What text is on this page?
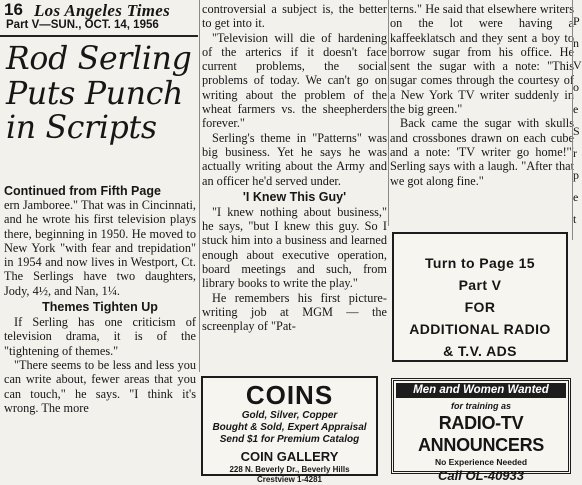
16 Los Angeles Times
Part V—SUN., OCT. 14, 1956
Rod Serling
Puts Punch
in Scripts
Continued from Fifth Page

ern Jamboree." That was in Cincinnati, and he wrote his first television plays there, beginning in 1950. He moved to New York "with fear and trepidation" in 1954 and now lives in Westport, Ct. The Serlings have two daughters, Jody, 4½, and Nan, 1¼.

Themes Tighten Up

If Serling has one criticism of television drama, it is of the "tightening of themes."

"There seems to be less and less you can write about, fewer areas that you can touch," he says. "I think it's wrong. The more

controversial a subject is, the better to get into it.

"Television will die of hardening of the arterics if it doesn't face current problems, the social problems of today. We can't go on writing about the problem of the wheat farmers vs. the sheepherders forever."

Serling's theme in "Patterns" was big business. Yet he says he was actually writing about the Army and an officer he'd served under.

'I Knew This Guy'

"I knew nothing about business," he says, "but I knew this guy. So I stuck him into a business and learned enough about executive operation, board meetings and such, from library books to write the play."

He remembers his first picture-writing job at MGM — the screenplay of "Pat-

terns." He said that elsewhere writers on the lot were having a kaffeeklatsch and they sent a boy to borrow sugar from his office. He sent the sugar with a note: "This sugar comes through the courtesy of a New York TV writer suddenly in the big green."

Back came the sugar with skulls and crossbones drawn on each cube and a note: 'TV writer go home!'" Serling says with a laugh. "After that we got along fine."

P
n
V
o
e
S
r
p
e
t
Turn to Page 15
Part V
FOR
ADDITIONAL RADIO
& T.V. ADS
COINS
Gold, Silver, Copper
Bought & Sold, Expert Appraisal
Send $1 for Premium Catalog
COIN GALLERY
228 N. Beverly Dr., Beverly Hills
Crestview 1-4281
Men and Women Wanted
for training as
RADIO-TV ANNOUNCERS
No Experience Needed
Call OL-40933
